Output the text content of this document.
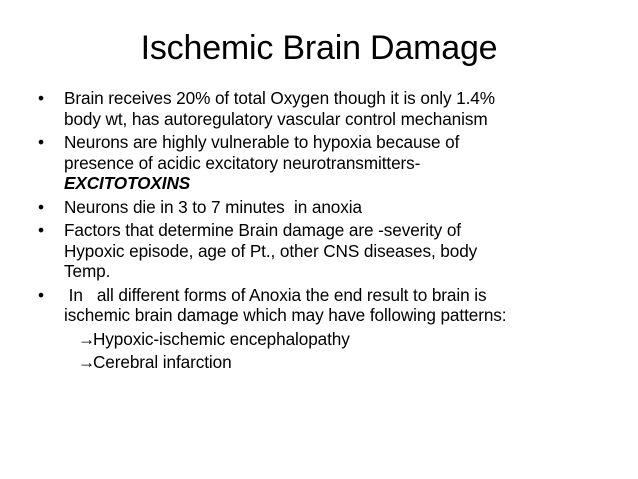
Ischemic Brain Damage
•	Brain receives 20% of total Oxygen though it is only 1.4%
body wt, has autoregulatory vascular control mechanism
•	Neurons are highly vulnerable to hypoxia because of
presence of acidic excitatory neurotransmitters-
EXCITOTOXINS
•	Neurons die in 3 to 7 minutes  in anoxia
•	Factors that determine Brain damage are -severity of
Hypoxic episode, age of Pt., other CNS diseases, body
Temp.
•	In   all different forms of Anoxia the end result to brain is
ischemic brain damage which may have following patterns:
→Hypoxic-ischemic encephalopathy
→Cerebral infarction
